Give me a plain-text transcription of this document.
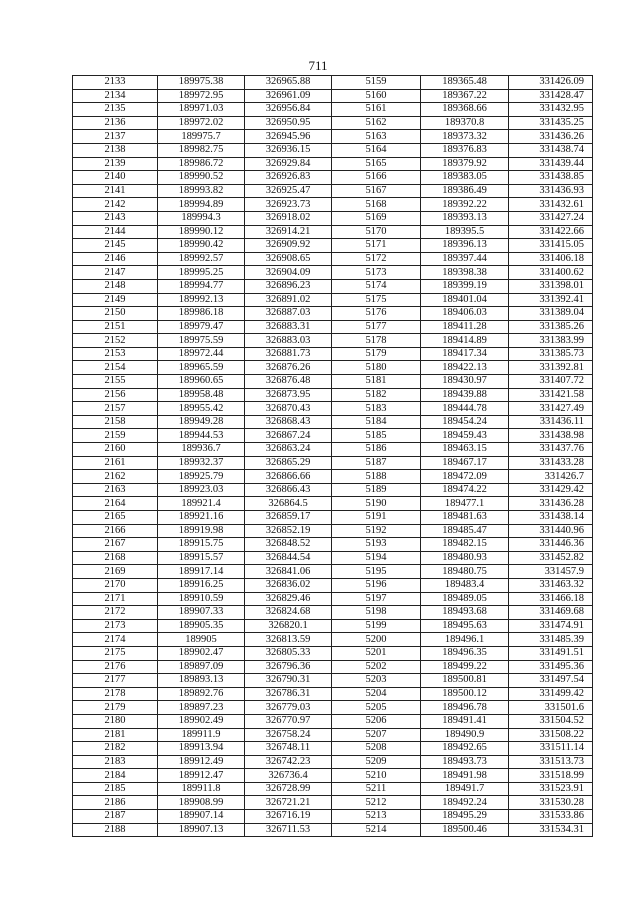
711
2133	189975.38	326965.88	5159	189365.48	331426.09
2134	189972.95	326961.09	5160	189367.22	331428.47
2135	189971.03	326956.84	5161	189368.66	331432.95
2136	189972.02	326950.95	5162	189370.8	331435.25
2137	189975.7	326945.96	5163	189373.32	331436.26
2138	189982.75	326936.15	5164	189376.83	331438.74
2139	189986.72	326929.84	5165	189379.92	331439.44
2140	189990.52	326926.83	5166	189383.05	331438.85
2141	189993.82	326925.47	5167	189386.49	331436.93
2142	189994.89	326923.73	5168	189392.22	331432.61
2143	189994.3	326918.02	5169	189393.13	331427.24
2144	189990.12	326914.21	5170	189395.5	331422.66
2145	189990.42	326909.92	5171	189396.13	331415.05
2146	189992.57	326908.65	5172	189397.44	331406.18
2147	189995.25	326904.09	5173	189398.38	331400.62
2148	189994.77	326896.23	5174	189399.19	331398.01
2149	189992.13	326891.02	5175	189401.04	331392.41
2150	189986.18	326887.03	5176	189406.03	331389.04
2151	189979.47	326883.31	5177	189411.28	331385.26
2152	189975.59	326883.03	5178	189414.89	331383.99
2153	189972.44	326881.73	5179	189417.34	331385.73
2154	189965.59	326876.26	5180	189422.13	331392.81
2155	189960.65	326876.48	5181	189430.97	331407.72
2156	189958.48	326873.95	5182	189439.88	331421.58
2157	189955.42	326870.43	5183	189444.78	331427.49
2158	189949.28	326868.43	5184	189454.24	331436.11
2159	189944.53	326867.24	5185	189459.43	331438.98
2160	189936.7	326863.24	5186	189463.15	331437.76
2161	189932.37	326865.29	5187	189467.17	331433.28
2162	189925.79	326866.66	5188	189472.09	331426.7
2163	189923.03	326866.43	5189	189474.22	331429.42
2164	189921.4	326864.5	5190	189477.1	331436.28
2165	189921.16	326859.17	5191	189481.63	331438.14
2166	189919.98	326852.19	5192	189485.47	331440.96
2167	189915.75	326848.52	5193	189482.15	331446.36
2168	189915.57	326844.54	5194	189480.93	331452.82
2169	189917.14	326841.06	5195	189480.75	331457.9
2170	189916.25	326836.02	5196	189483.4	331463.32
2171	189910.59	326829.46	5197	189489.05	331466.18
2172	189907.33	326824.68	5198	189493.68	331469.68
2173	189905.35	326820.1	5199	189495.63	331474.91
2174	189905	326813.59	5200	189496.1	331485.39
2175	189902.47	326805.33	5201	189496.35	331491.51
2176	189897.09	326796.36	5202	189499.22	331495.36
2177	189893.13	326790.31	5203	189500.81	331497.54
2178	189892.76	326786.31	5204	189500.12	331499.42
2179	189897.23	326779.03	5205	189496.78	331501.6
2180	189902.49	326770.97	5206	189491.41	331504.52
2181	189911.9	326758.24	5207	189490.9	331508.22
2182	189913.94	326748.11	5208	189492.65	331511.14
2183	189912.49	326742.23	5209	189493.73	331513.73
2184	189912.47	326736.4	5210	189491.98	331518.99
2185	189911.8	326728.99	5211	189491.7	331523.91
2186	189908.99	326721.21	5212	189492.24	331530.28
2187	189907.14	326716.19	5213	189495.29	331533.86
2188	189907.13	326711.53	5214	189500.46	331534.31
